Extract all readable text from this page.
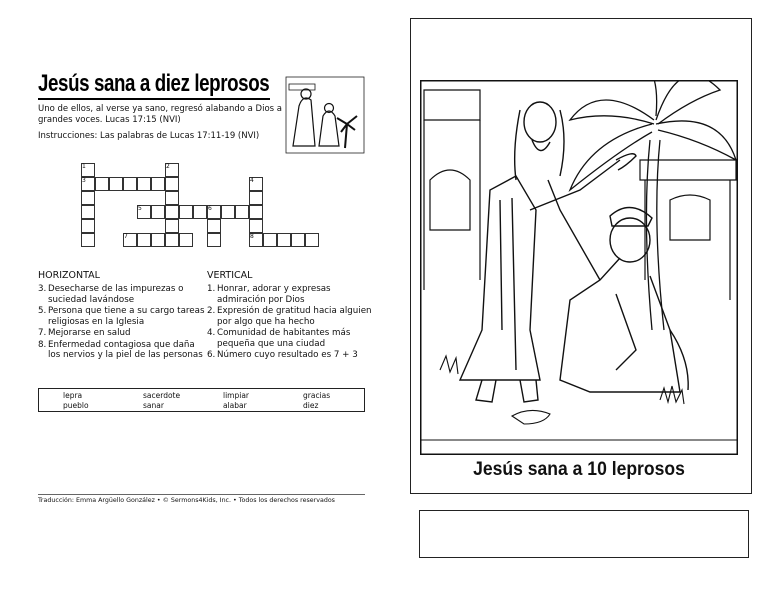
Jesús sana a diez leprosos
Uno de ellos, al verse ya sano, regresó alabando a Dios a grandes voces. Lucas 17:15 (NVI)
Instrucciones: Las palabras de Lucas 17:11-19 (NVI)
1	2
3	4
5	6
7	8
HORIZONTAL
3. Desecharse de las impurezas o suciedad lavándose
5. Persona que tiene a su cargo tareas religiosas en la Iglesia
7. Mejorarse en salud
8. Enfermedad contagiosa que daña los nervios y la piel de las personas
VERTICAL
1. Honrar, adorar y expresas admiración por Dios
2. Expresión de gratitud hacia alguien por algo que ha hecho
4. Comunidad de habitantes más pequeña que una ciudad
6. Número cuyo resultado es 7 + 3
lepra	sacerdote	limpiar	gracias
pueblo	sanar	alabar	diez
Traducción: Emma Argüello González • © Sermons4Kids, Inc. • Todos los derechos reservados
Jesús sana a 10 leprosos
